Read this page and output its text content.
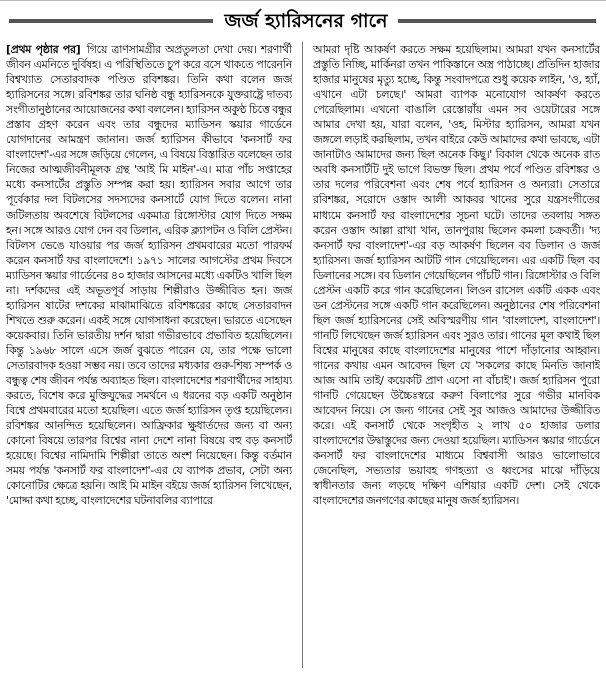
জর্জ হ্যারিসনের গানে

[প্রথম পৃষ্ঠার পর] গিয়ে ত্রাণসামগ্রীর অপ্রতুলতা দেখা দেয়। শরণার্থী জীবন এমনিতে দুর্বিষহ। এ পরিস্থিতিতে চুপ করে বসে থাকতে পারেননি বিশ্বখ্যাত সেতারবাদক পণ্ডিত রবিশঙ্কর। তিনি কথা বলেন জর্জ হ্যারিসনের সঙ্গে। রবিশঙ্কর তার ঘনিষ্ঠ বন্ধু হ্যারিসনকে যুক্তরাষ্ট্রে দাতব্য সংগীতানুষ্ঠানের আয়োজনের কথা বললেন। হ্যারিসন অকুণ্ঠ চিত্তে বন্ধুর প্রস্তাব গ্রহণ করেন এবং তার বন্ধুদের ম্যাডিসন স্কয়ার গার্ডেনে যোগদানের আমন্ত্রণ জানান। জর্জ হ্যারিসন কীভাবে 'কনসার্ট ফর বাংলাদেশ'-এর সঙ্গে জড়িয়ে গেলেন, এ বিষয়ে বিস্তারিত বলেছেন তার নিজের আত্মজীবনীমূলক গ্রন্থ 'আই মি মাইন'-এ। মাত্র পাঁচ সপ্তাহের মধ্যে কনসার্টের প্রস্তুতি সম্পন্ন করা হয়। হ্যারিসন সবার আগে তার পূর্বেকার দল বিটলসের সদস্যদের কনসার্টে যোগ দিতে বলেন। নানা জটিলতায় অবশেষে বিটলসের একমাত্র রিঙ্গোস্টার যোগ দিতে সক্ষম হন। সঙ্গে আরও যোগ দেন বব ডিলান, এরিক ক্ল্যাপটন ও বিলি প্রেস্টন। বিটলস ভেঙে যাওয়ার পর জর্জ হ্যারিসন প্রথমবারের মতো পারফর্ম করেন কনসার্ট ফর বাংলাদেশে। ১৯৭১ সালের আগস্টের প্রথম দিবসে ম্যাডিসন স্কয়ার গার্ডেনের ৪০ হাজার আসনের মধ্যে একটিও খালি ছিল না। দর্শকদের এই অভূতপূর্ব সাড়ায় শিল্পীরাও উজ্জীবিত হন। জর্জ হ্যারিসন ষাটের দশকের মাঝামাঝিতে রবিশঙ্করের কাছে সেতারবাদন শিখতে শুরু করেন। একই সঙ্গে যোগসাধনা করেছেন। ভারতে এসেছেন কয়েকবার। তিনি ভারতীয় দর্শন দ্বারা গভীরভাবে প্রভাবিত হয়েছিলেন। কিন্তু ১৯৬৮ সালে এসে জর্জ বুঝতে পারেন যে, তার পক্ষে ভালো সেতারবাদক হওয়া সম্ভব নয়। তবে তাদের মধ্যকার গুরু-শিষ্য সম্পর্ক ও বন্ধুত্ব শেষ জীবন পর্যন্ত অব্যাহত ছিল। বাংলাদেশের শরণার্থীদের সাহায্য করতে, বিশেষ করে মুক্তিযুদ্ধের সমর্থনে এ ধরনের বড় একটি অনুষ্ঠান বিশ্বে প্রথমবারের মতো হয়েছিল। এতে জর্জ হ্যারিসন তৃপ্ত হয়েছিলেন। রবিশঙ্কর আনন্দিত হয়েছিলেন। আফ্রিকার ক্ষুধার্তদের জন্য বা অন্য কোনো বিষয়ে তারপর বিশ্বের নানা দেশে নানা বিষয়ে বহু বড় কনসার্ট হয়েছে। বিশ্বের নামিদামি শিল্পীরা তাতে অংশ নিয়েছেন। কিন্তু বর্তমান সময় পর্যন্ত 'কনসার্ট ফর বাংলাদেশ'-এর যে ব্যাপক প্রভাব, সেটা অন্য কোনোটির ক্ষেত্রে হয়নি। আই মি মাইন বইয়ে জর্জ হ্যারিসন লিখেছেন, 'মোদ্দা কথা হচ্ছে, বাংলাদেশের ঘটনাবলির ব্যাপারে

আমরা দৃষ্টি আকর্ষণ করতে সক্ষম হয়েছিলাম। আমরা যখন কনসার্টের প্রস্তুতি নিচ্ছি, মার্কিনরা তখন পাকিস্তানে অস্ত্র পাঠাচ্ছে। প্রতিদিন হাজার হাজার মানুষের মৃত্যু হচ্ছে, কিন্তু সংবাদপত্রে শুধু কয়েক লাইন, 'ও, হ্যাঁ, এখানে এটা চলছে।' আমরা ব্যাপক মনোযোগ আকর্ষণ করতে পেরেছিলাম। এখনো বাঙালি রেস্তোরাঁয় এমন সব ওয়েটারের সঙ্গে আমার দেখা হয়, যারা বলেন, 'ওহ, মিস্টার হ্যারিসন, আমরা যখন জঙ্গলে লড়াই করছিলাম, তখন বাইরে কেউ আমাদের কথা ভাবছে, এটা জানাটাও আমাদের জন্য ছিল অনেক কিছু।' বিকাল থেকে অনেক রাত অবধি কনসার্টটি দুই ভাগে বিভক্ত ছিল। প্রথম পর্বে পণ্ডিত রবিশঙ্কর ও তার দলের পরিবেশনা এবং শেষ পর্বে হ্যারিসন ও অন্যরা। সেতারে রবিশঙ্কর, সরোদে ওস্তাদ আলী আকবর খানের সুরে যন্ত্রসংগীতের মাধ্যমে কনসার্ট ফর বাংলাদেশের সূচনা ঘটে। তাদের তবলায় সঙ্গত করেন ওস্তাদ আল্লা রাখা খান, তানপুরায় ছিলেন কমলা চক্রবর্তী। 'দ্য কনসার্ট ফর বাংলাদেশ'-এর বড় আকর্ষণ ছিলেন বব ডিলান ও জর্জ হ্যারিসন। জর্জ হ্যারিসন আটটি গান গেয়েছিলেন। এর একটি ছিল বব ডিলানের সঙ্গে। বব ডিলান গেয়েছিলেন পাঁচটি গান। রিঙ্গোস্টার ও বিলি প্রেস্টন একটি করে গান করেছিলেন। লিওন রাসেল একটি একক এবং ডন প্রেস্টনের সঙ্গে একটি গান করেছিলেন। অনুষ্ঠানের শেষ পরিবেশনা ছিল জর্জ হ্যারিসনের সেই অবিস্মরণীয় গান 'বাংলাদেশ, বাংলাদেশ'। গানটি লিখেছেন জর্জ হ্যারিসন এবং সুরও তার। গানের মূল কথাই ছিল বিশ্বের মানুষের কাছে বাংলাদেশের মানুষের পাশে দাঁড়ানোর আহ্বান। গানের কথায় এমন আবেদন ছিল যে 'সকলের কাছে মিনতি জানাই আজ আমি তাই/ কয়েকটি প্রাণ এসো না বাঁচাই'। জর্জ হ্যারিসন পুরো গানটি গেয়েছেন উচ্চৈঃস্বরে করুণ বিলাপের সুরে গভীর মানবিক আবেদন নিয়ে। সে জন্য গানের সেই সুর আজও আমাদের উজ্জীবিত করে। এই কনসার্ট থেকে সংগৃহীত ২ লাখ ৫০ হাজার ডলার বাংলাদেশের উদ্বাস্তুদের জন্য দেওয়া হয়েছিল। ম্যাডিসন স্কয়ার গার্ডেনে কনসার্ট ফর বাংলাদেশের মাধ্যমে বিশ্ববাসী আরও ভালোভাবে জেনেছিল, সভ্যতার ভয়াবহ গণহত্যা ও ধ্বংসের মাঝে দাঁড়িয়ে স্বাধীনতার জন্য লড়ছে দক্ষিণ এশিয়ার একটি দেশ। সেই থেকে বাংলাদেশের জনগণের কাছের মানুষ জর্জ হ্যারিসন।
